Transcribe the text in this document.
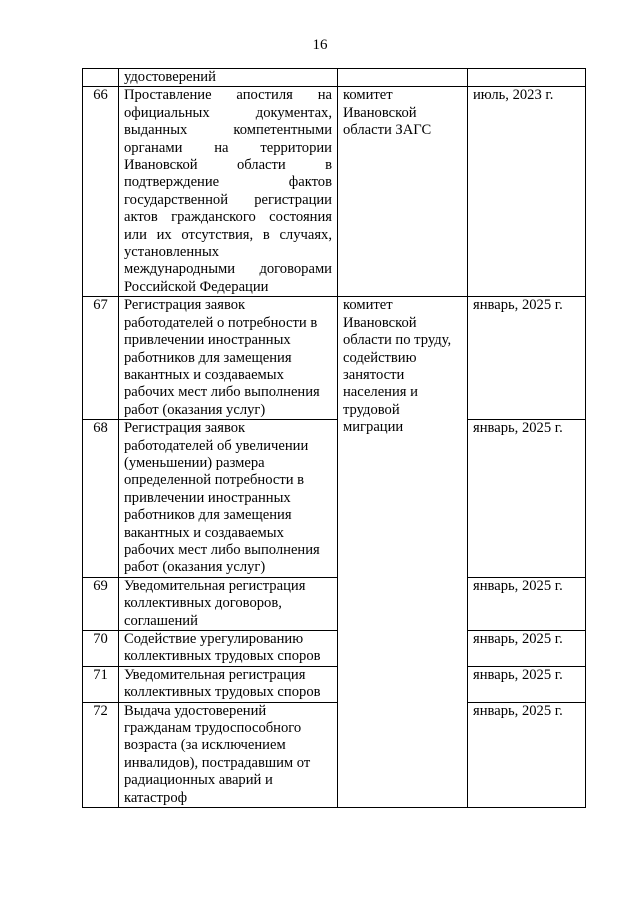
16
	удостоверений		
66	Проставление апостиля на официальных документах, выданных компетентными органами на территории Ивановской области в подтверждение фактов государственной регистрации актов гражданского состояния или их отсутствия, в случаях, установленных международными договорами Российской Федерации	комитет Ивановской области ЗАГС	июль, 2023 г.
67	Регистрация заявок работодателей о потребности в привлечении иностранных работников для замещения вакантных и создаваемых рабочих мест либо выполнения работ (оказания услуг)	комитет Ивановской области по труду, содействию занятости населения и трудовой миграции	январь, 2025 г.
68	Регистрация заявок работодателей об увеличении (уменьшении) размера определенной потребности в привлечении иностранных работников для замещения вакантных и создаваемых рабочих мест либо выполнения работ (оказания услуг)		январь, 2025 г.
69	Уведомительная регистрация коллективных договоров, соглашений		январь, 2025 г.
70	Содействие урегулированию коллективных трудовых споров		январь, 2025 г.
71	Уведомительная регистрация коллективных трудовых споров		январь, 2025 г.
72	Выдача удостоверений гражданам трудоспособного возраста (за исключением инвалидов), пострадавшим от радиационных аварий и катастроф		январь, 2025 г.
